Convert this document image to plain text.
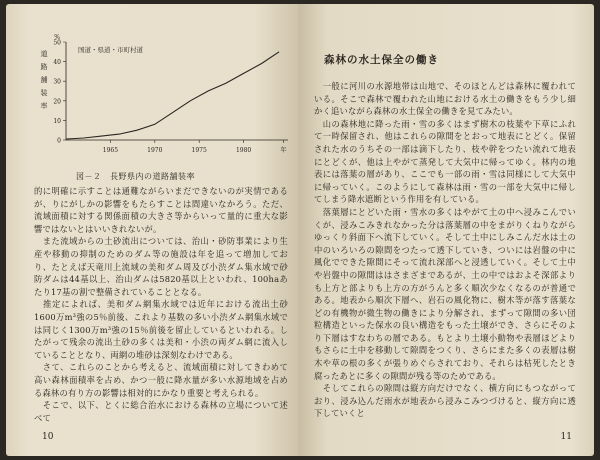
50
40
30
20
10
0
%
道
路
舗
装
率
1965	1970	1975	1980	年
国道・県道・市町村道
図－２　長野県内の道路舗装率

的に明確に示すことは通難ながらいまだできないのが実情であるが、りにがしかの影響をもたらすことは間違いなかろう。ただ、流域面積に対する関係面積の大きさ等からいって量的に重大な影響ではないとはいいきれないが。

　また流域からの土砂流出については、治山・砂防事業により生産や移動の抑制のためのダム等の施設は年を追って増加しており、たとえば天竜川上流域の美和ダム周及び小渋ダム集水域で砂防ダムは44基以上、治山ダムは5820基以上といわれ、100haあたり17基の割で整備されていることとなる。

　推定によれば、美和ダム網集水域では近年における流出土砂1600万m³強の5％前後、これより基数の多い小渋ダム網集水域では同じく1300万m³強の15％前後を留止しているといわれる。したがって残余の流出土砂の多くは美和・小渋の両ダム網に流入していることとなり、両網の堆砂は深刻なわけである。

　さて、これらのことから考えると、流域面積に対してきわめて高い森林面積率を占め、かつ一般に降水量が多い水源地域を占める森林の有り方の影響は相対的にかなり重要と考えられる。

　そこで、以下、とくに総合治水における森林の立場について述べて

10
森林の水土保全の働き

　一般に河川の水源地帯は山地で、そのほとんどは森林に覆われている。そこで森林で覆われた山地における水土の働きをもう少し細かく追いながら森林の水土保全の働きを見てみたい。

　山の森林地に降った雨・雪の多くはまず樹木の枝葉や下草にふれて一時保留され、他はこれらの隙間をとおって地表にとどく。保留された水のうちその一部は滴下したり、枝や幹をつたい流れて地表にとどくが、他は上やがて蒸発して大気中に帰ってゆく。林内の地表には落葉の層があり、ここでも一部の雨・雪は同様にして大気中に帰っていく。このようにして森林は雨・雪の一部を大気中に帰してしまう降水遮断という作用を有している。

　落葉層にとどいた雨・雪水の多くはやがて土の中へ浸みこんでいくが、浸みこみきれなかった分は落葉層の中をまがりくねりながらゆっくり斜面下へ流下していく。そして土中にしみこんだ水は土の中のいろいろの隙間をつたって透下していき、ついには岩盤の中に風化でできた隙間にそって流れ深部へと浸透していく。そして土中や岩盤中の隙間ははさまざまであるが、土の中ではおよそ深部よりも上方と部よりも上方の方がうんと多く順次少なくなるのが普通である。地表から順次下層へ、岩石の風化物に、樹木等が落す落葉などの有機物が微生物の働きにより分解され、まずって隙間の多い団粒構造といった保水の良い構造をもった土壌ができ、さらにそのより下層はすなわちの層である。もとより土壌小動物や表層ほどよりもさらに土中を移動して隙間をつくり、さらにまた多くの表層は樹木や草の根の多くが張りめぐらされており、それらは枯死したとき腐ったあとに多くの隙間が残る等のためである。

　そしてこれらの隙間は縦方向だけでなく、横方向にもつながっており、浸み込んだ雨水が地表から浸みこみつづけると、縦方向に透下していくと

11
